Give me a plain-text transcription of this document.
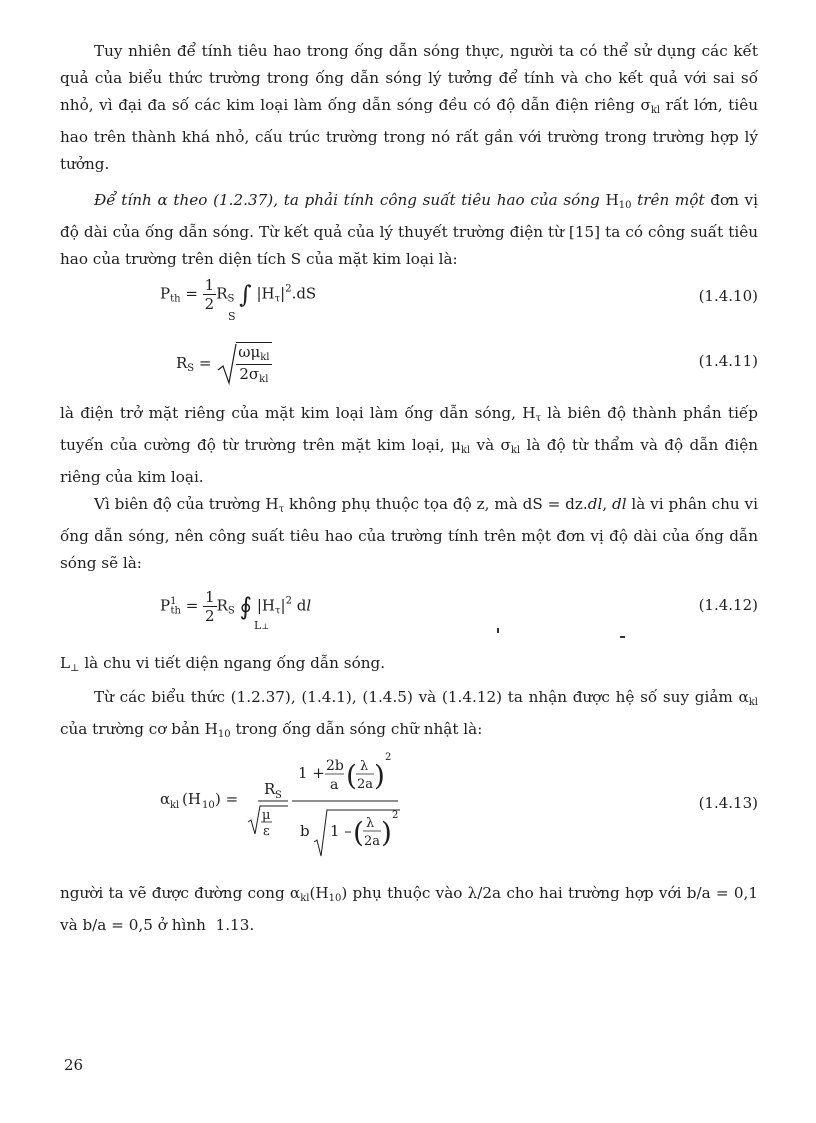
Tuy nhiên để tính tiêu hao trong ống dẫn sóng thực, người ta có thể sử dụng các kết quả của biểu thức trường trong ống dẫn sóng lý tưởng để tính và cho kết quả với sai số nhỏ, vì đại đa số các kim loại làm ống dẫn sóng đều có độ dẫn điện riêng $\sigma_{kl}$ rất lớn, tiêu hao trên thành khá nhỏ, cấu trúc trường trong nó rất gần với trường trong trường hợp lý tưởng.
Để tính α theo (1.2.37), ta phải tính công suất tiêu hao của sóng $H_{10}$ trên một đơn vị độ dài của ống dẫn sóng. Từ kết quả của lý thuyết trường điện từ [15] ta có công suất tiêu hao của trường trên diện tích S của mặt kim loại là:
$P_{th} = \frac{1}{2} R_S$ ∫ $|H_\tau|^2.dS$
S
(1.4.10)
$R_S = \frac{\omega\mu_{kl}}{2\sigma_{kl}}$	(1.4.11)
là điện trở mặt riêng của mặt kim loại làm ống dẫn sóng, $H_\tau$ là biên độ thành phần tiếp tuyến của cường độ từ trường trên mặt kim loại, $\mu_{kl}$ và $\sigma_{kl}$ là độ từ thẩm và độ dẫn điện riêng của kim loại.
Vì biên độ của trường $H_\tau$ không phụ thuộc tọa độ z, mà dS = dz.dl, dl là vi phân chu vi ống dẫn sóng, nên công suất tiêu hao của trường tính trên một đơn vị độ dài của ống dẫn sóng sẽ là:
$P^1_{th} = \frac{1}{2} R_S$ ∮ $|H_\tau|^2$ dl
L⊥
(1.4.12)
$L_\perp$ là chu vi tiết diện ngang ống dẫn sóng.
Từ các biểu thức (1.2.37), (1.4.1), (1.4.5) và (1.4.12) ta nhận được hệ số suy giảm $\alpha_{kl}$ của trường cơ bản $H_{10}$ trong ống dẫn sóng chữ nhật là:
α kl (H 10 ) =
R S
μ
ε
1 + 2b
a ( λ
2a )
2
b 1 – ( λ
2a )
2
(1.4.13)
người ta vẽ được đường cong $\alpha_{kl}(H_{10})$ phụ thuộc vào λ/2a cho hai trường hợp với b/a = 0,1 và b/a = 0,5 ở hình  1.13.
26
